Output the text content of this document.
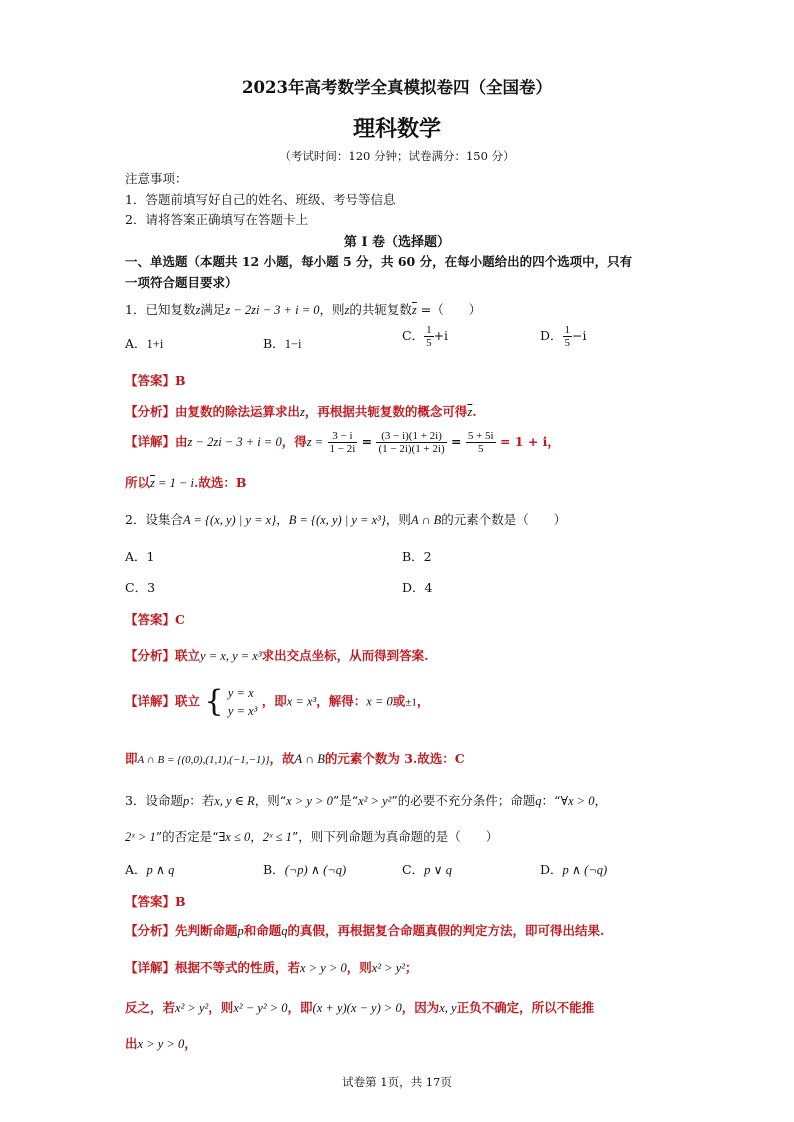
2023年高考数学全真模拟卷四（全国卷）
理科数学
（考试时间：120 分钟；试卷满分：150 分）
注意事项：
1．答题前填写好自己的姓名、班级、考号等信息
2．请将答案正确填写在答题卡上
第 I 卷（选择题）
一、单选题（本题共 12 小题，每小题 5 分，共 60 分，在每小题给出的四个选项中，只有
一项符合题目要求）
1．已知复数z满足z − 2zi − 3 + i = 0，则z的共轭复数$\overline{z}$ =（　　）
A．1+i	B．1−i
C． $\frac{1}{5} +i$	D． $\frac{1}{5} -i$
【答案】B
【分析】由复数的除法运算求出z，再根据共轭复数的概念可得$\overline{z}$.
【详解】由z − 2zi − 3 + i = 0，得$z = \frac{3 - i}{1 - 2i} = \frac{(3 - i)(1 + 2i)}{(1 - 2i)(1 + 2i)} = \frac{5 + 5i}{5} = 1 + i$，
所以$\overline{z} = 1 - i$.故选：B
2．设集合A = {(x, y) | y = x}，B = {(x, y) | y = x³}，则A ∩ B的元素个数是（　　）
A．1	B．2
C．3	D．4
【答案】C
【分析】联立y = x, y = x³求出交点坐标，从而得到答案.
【详解】联立 { y = x
y = x³
，即x = x³，解得：x = 0或±1，
即A ∩ B = {(0,0),(1,1),(−1,−1)}，故A ∩ B的元素个数为 3.故选：C
3．设命题p：若x, y ∈ R，则“x > y > 0”是“x² > y²”的必要不充分条件；命题q：“∀x > 0，
2ˣ > 1”的否定是“∃x ≤ 0，2ˣ ≤ 1”，则下列命题为真命题的是（　　）
A．p ∧ q	B．(¬p) ∧ (¬q)	C．p ∨ q	D．p ∧ (¬q)
【答案】B
【分析】先判断命题p和命题q的真假，再根据复合命题真假的判定方法，即可得出结果.
【详解】根据不等式的性质，若x > y > 0，则x² > y²；
反之，若x² > y²，则x² − y² > 0，即(x + y)(x − y) > 0，因为x, y正负不确定，所以不能推
出x > y > 0，
试卷第 1页，共 17页
